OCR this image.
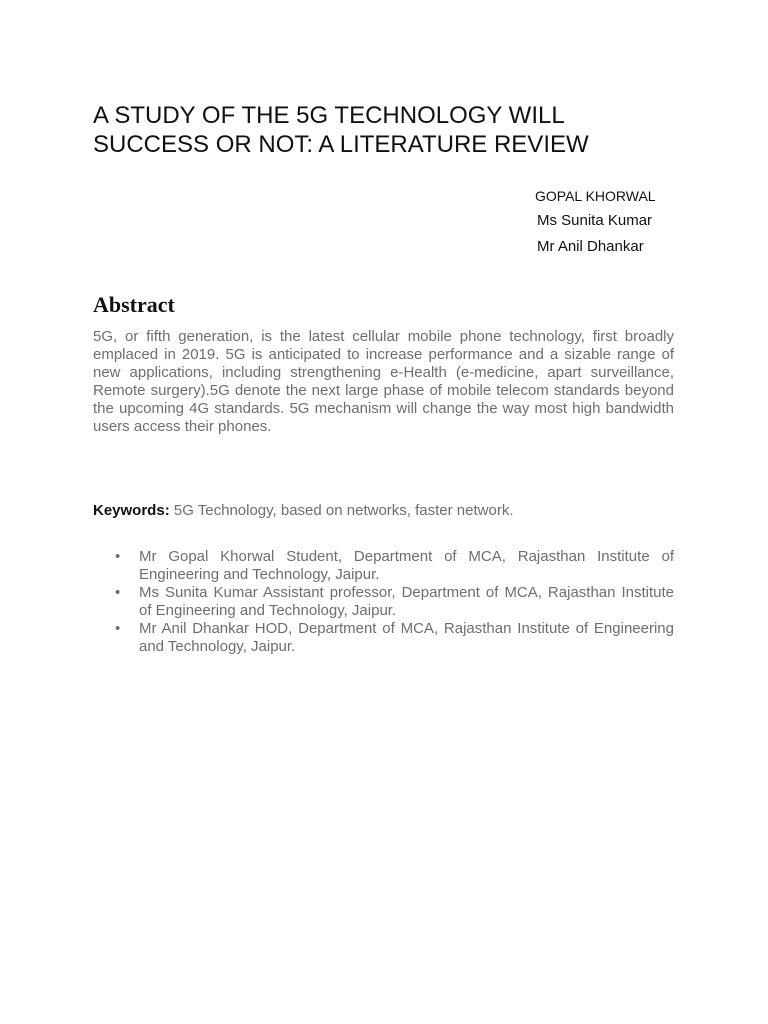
A STUDY OF THE 5G TECHNOLOGY WILL
SUCCESS OR NOT: A LITERATURE REVIEW
GOPAL KHORWAL
Ms Sunita Kumar
Mr Anil Dhankar
Abstract

5G, or fifth generation, is the latest cellular mobile phone technology, first broadly emplaced in 2019. 5G is anticipated to increase performance and a sizable range of new applications, including strengthening e-Health (e-medicine, apart surveillance, Remote surgery).5G denote the next large phase of mobile telecom standards beyond the upcoming 4G standards. 5G mechanism will change the way most high bandwidth users access their phones.

Keywords: 5G Technology, based on networks, faster network.

• Mr Gopal Khorwal Student, Department of MCA, Rajasthan Institute of Engineering and Technology, Jaipur.
• Ms Sunita Kumar Assistant professor, Department of MCA, Rajasthan Institute of Engineering and Technology, Jaipur.
• Mr Anil Dhankar HOD, Department of MCA, Rajasthan Institute of Engineering and Technology, Jaipur.
